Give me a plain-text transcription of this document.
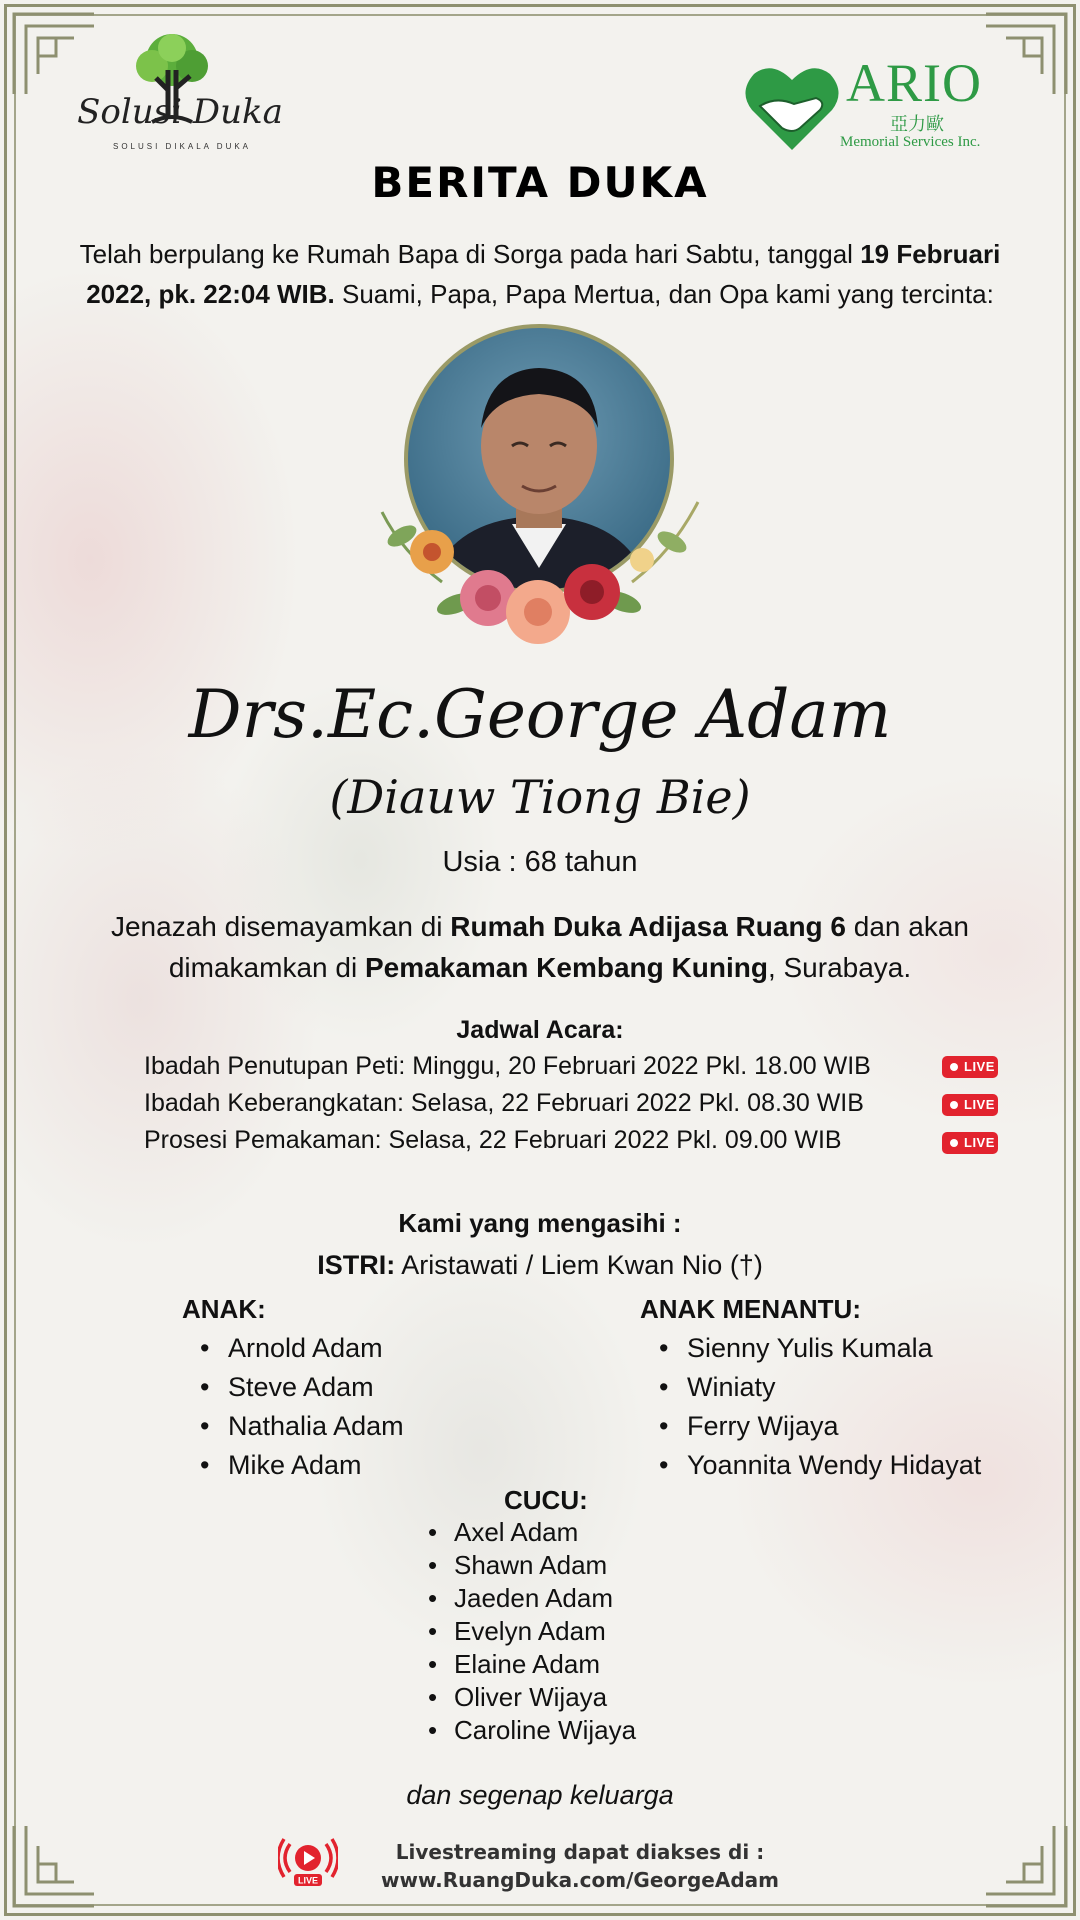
Solusi Duka
SOLUSI DIKALA DUKA
ARIO
亞力歐
Memorial Services Inc.
BERITA DUKA

Telah berpulang ke Rumah Bapa di Sorga pada hari Sabtu, tanggal 19 Februari 2022, pk. 22:04 WIB. Suami, Papa, Papa Mertua, dan Opa kami yang tercinta:

Drs.Ec.George Adam
(Diauw Tiong Bie)
Usia : 68 tahun

Jenazah disemayamkan di Rumah Duka Adijasa Ruang 6 dan akan dimakamkan di Pemakaman Kembang Kuning, Surabaya.

Jadwal Acara:
Ibadah Penutupan Peti: Minggu, 20 Februari 2022 Pkl. 18.00 WIB	LIVE
Ibadah Keberangkatan: Selasa, 22 Februari 2022 Pkl. 08.30 WIB	LIVE
Prosesi Pemakaman: Selasa, 22 Februari 2022 Pkl. 09.00 WIB	LIVE
Kami yang mengasihi :
ISTRI: Aristawati / Liem Kwan Nio (†)
ANAK:
• Arnold Adam
• Steve Adam
• Nathalia Adam
• Mike Adam
ANAK MENANTU:
• Sienny Yulis Kumala
• Winiaty
• Ferry Wijaya
• Yoannita Wendy Hidayat
CUCU:
• Axel Adam
• Shawn Adam
• Jaeden Adam
• Evelyn Adam
• Elaine Adam
• Oliver Wijaya
• Caroline Wijaya
dan segenap keluarga
LIVE
Livestreaming dapat diakses di :
www.RuangDuka.com/GeorgeAdam
